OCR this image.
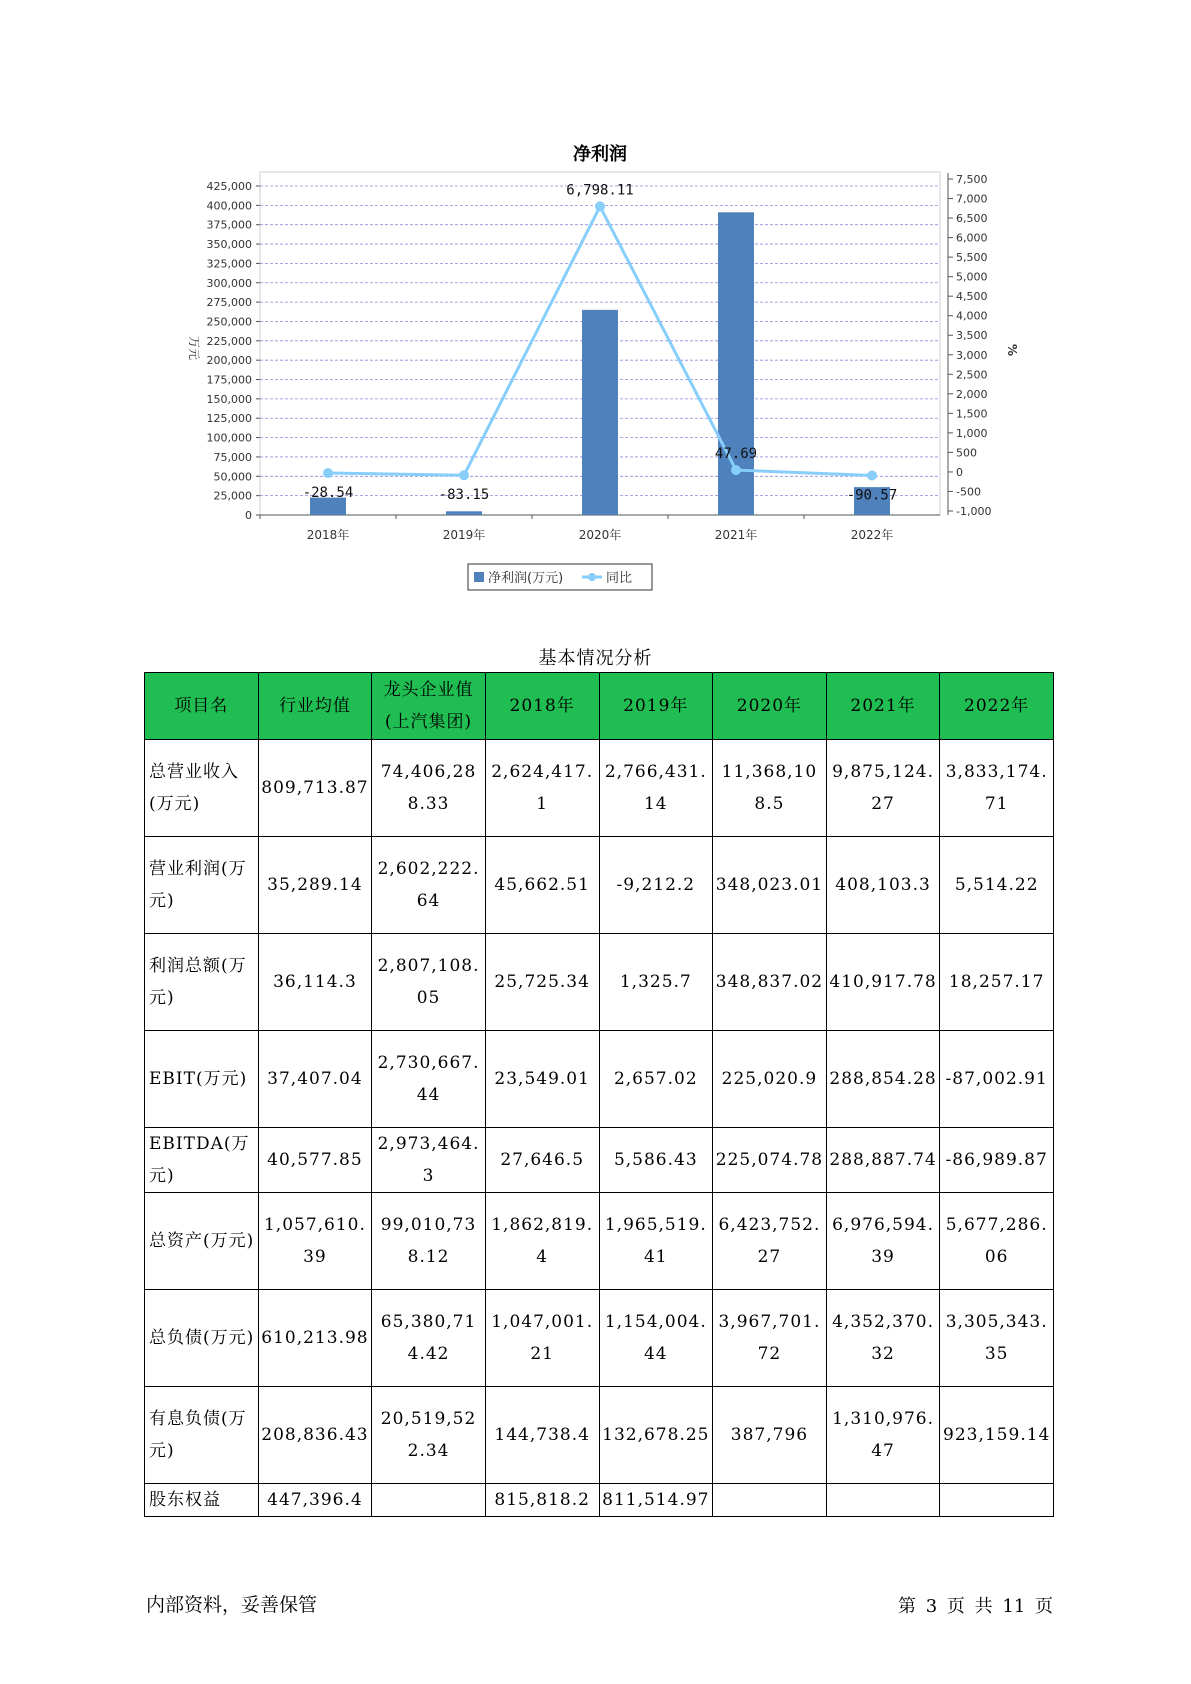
净利润
0
25,000
50,000
75,000
100,000
125,000
150,000
175,000
200,000
225,000
250,000
275,000
300,000
325,000
350,000
375,000
400,000
425,000
-1,000
-500
0
500
1,000
1,500
2,000
2,500
3,000
3,500
4,000
4,500
5,000
5,500
6,000
6,500
7,000
7,500
万元	%
2018年	2019年	2020年	2021年	2022年
-28.54	-83.15
6,798.11
47.69
-90.57
净利润(万元)	同比
基本情况分析
项目名	行业均值	龙头企业值(上汽集团)	2018年	2019年	2020年	2021年	2022年
总营业收入(万元)	809,713.87	74,406,288.33	2,624,417.1	2,766,431.14	11,368,108.5	9,875,124.27	3,833,174.71
营业利润(万元)	35,289.14	2,602,222.64	45,662.51	-9,212.2	348,023.01	408,103.3	5,514.22
利润总额(万元)	36,114.3	2,807,108.05	25,725.34	1,325.7	348,837.02	410,917.78	18,257.17
EBIT(万元)	37,407.04	2,730,667.44	23,549.01	2,657.02	225,020.9	288,854.28	-87,002.91
EBITDA(万元)	40,577.85	2,973,464.3	27,646.5	5,586.43	225,074.78	288,887.74	-86,989.87
总资产(万元)	1,057,610.39	99,010,738.12	1,862,819.4	1,965,519.41	6,423,752.27	6,976,594.39	5,677,286.06
总负债(万元)	610,213.98	65,380,714.42	1,047,001.21	1,154,004.44	3,967,701.72	4,352,370.32	3,305,343.35
有息负债(万元)	208,836.43	20,519,522.34	144,738.4	132,678.25	387,796	1,310,976.47	923,159.14
股东权益	447,396.4		815,818.2	811,514.97			
内部资料，妥善保管	第 3 页 共 11 页
